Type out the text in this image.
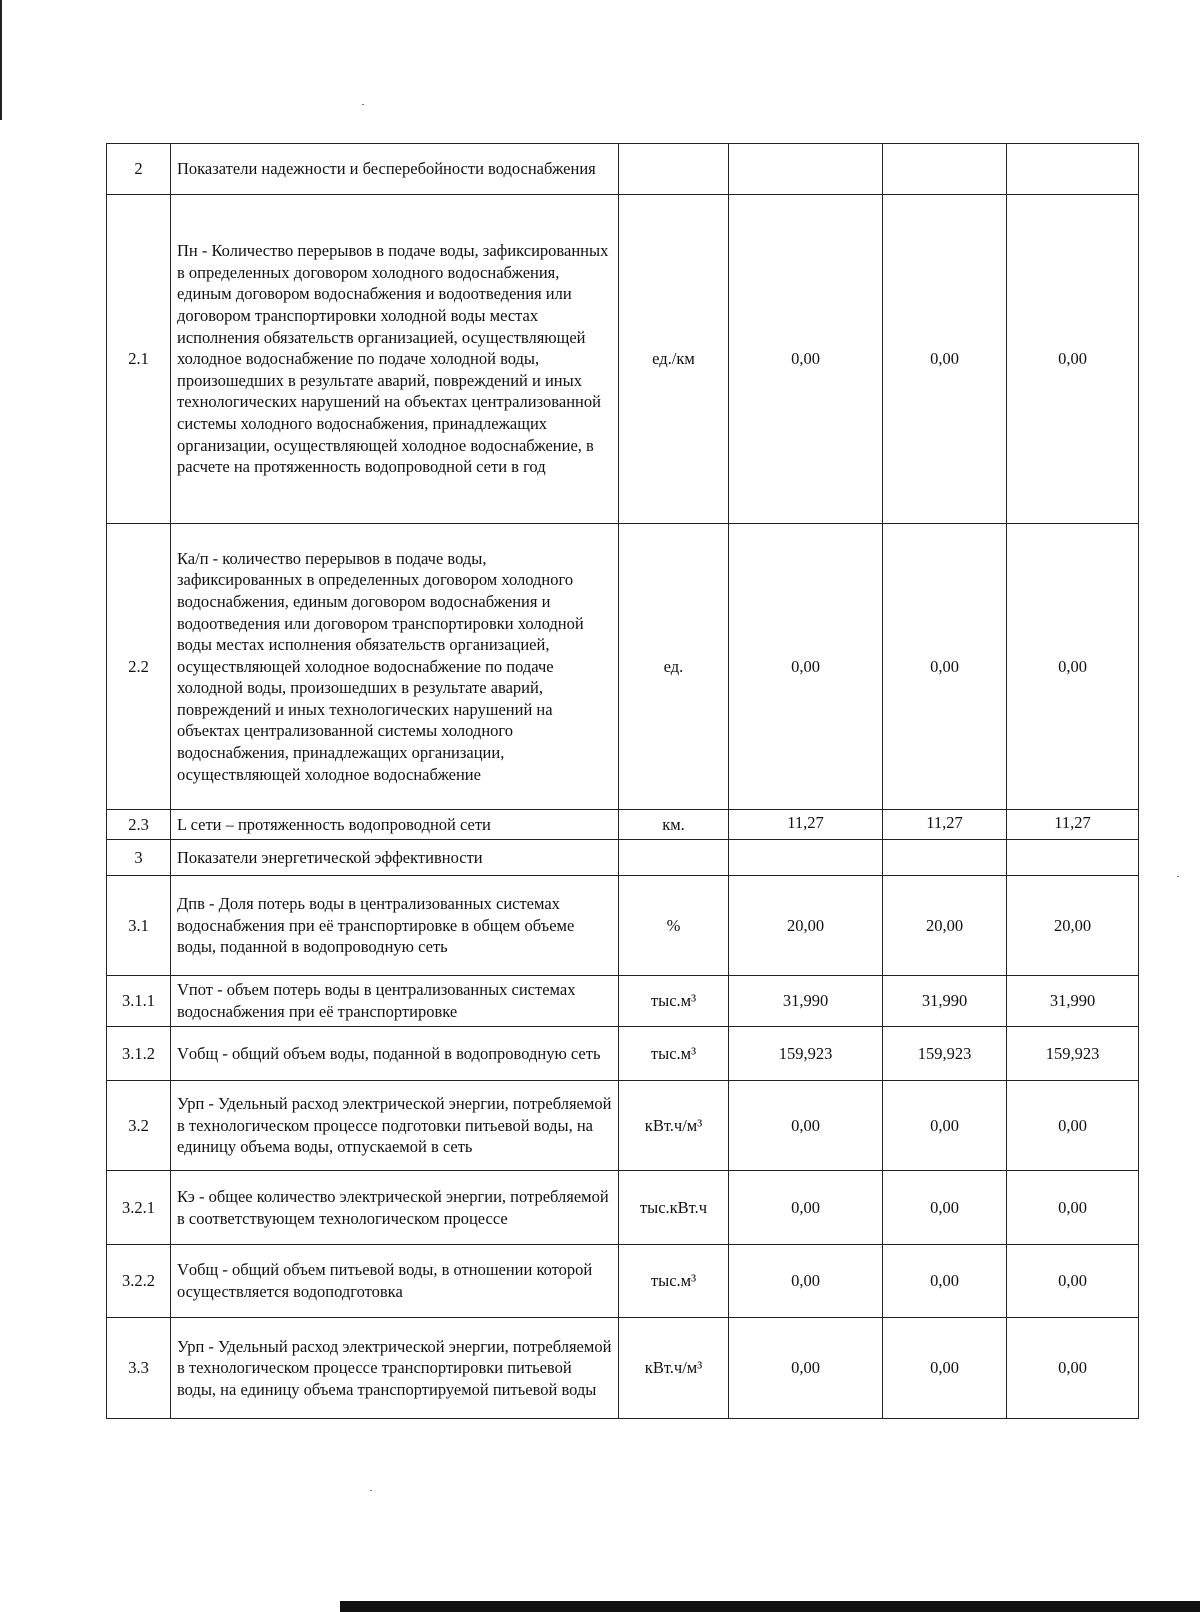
2	Показатели надежности и бесперебойности водоснабжения				
2.1	Пн - Количество перерывов в подаче воды, зафиксированных в определенных договором холодного водоснабжения, единым договором водоснабжения и водоотведения или договором транспортировки холодной воды местах исполнения обязательств организацией, осуществляющей холодное водоснабжение по подаче холодной воды, произошедших в результате аварий, повреждений и иных технологических нарушений на объектах централизованной системы холодного водоснабжения, принадлежащих организации, осуществляющей холодное водоснабжение, в расчете на протяженность водопроводной сети в год	ед./км	0,00	0,00	0,00
2.2	Ка/п - количество перерывов в подаче воды, зафиксированных в определенных договором холодного водоснабжения, единым договором водоснабжения и водоотведения или договором транспортировки холодной воды местах исполнения обязательств организацией, осуществляющей холодное водоснабжение по подаче холодной воды, произошедших в результате аварий, повреждений и иных технологических нарушений на объектах централизованной системы холодного водоснабжения, принадлежащих организации, осуществляющей холодное водоснабжение	ед.	0,00	0,00	0,00
2.3	L сети – протяженность водопроводной сети	км.	11,27	11,27	11,27
3	Показатели энергетической эффективности				
3.1	Дпв - Доля потерь воды в централизованных системах водоснабжения при её транспортировке в общем объеме воды, поданной в водопроводную сеть	%	20,00	20,00	20,00
3.1.1	Vпот - объем потерь воды в централизованных системах водоснабжения при её транспортировке	тыс.м³	31,990	31,990	31,990
3.1.2	Vобщ - общий объем воды, поданной в водопроводную сеть	тыс.м³	159,923	159,923	159,923
3.2	Урп - Удельный расход электрической энергии, потребляемой в технологическом процессе подготовки питьевой воды, на единицу объема воды, отпускаемой в сеть	кВт.ч/м³	0,00	0,00	0,00
3.2.1	Кэ - общее количество электрической энергии, потребляемой в соответствующем технологическом процессе	тыс.кВт.ч	0,00	0,00	0,00
3.2.2	Vобщ - общий объем питьевой воды, в отношении которой осуществляется водоподготовка	тыс.м³	0,00	0,00	0,00
3.3	Урп - Удельный расход электрической энергии, потребляемой в технологическом процессе транспортировки питьевой воды, на единицу объема транспортируемой питьевой воды	кВт.ч/м³	0,00	0,00	0,00
